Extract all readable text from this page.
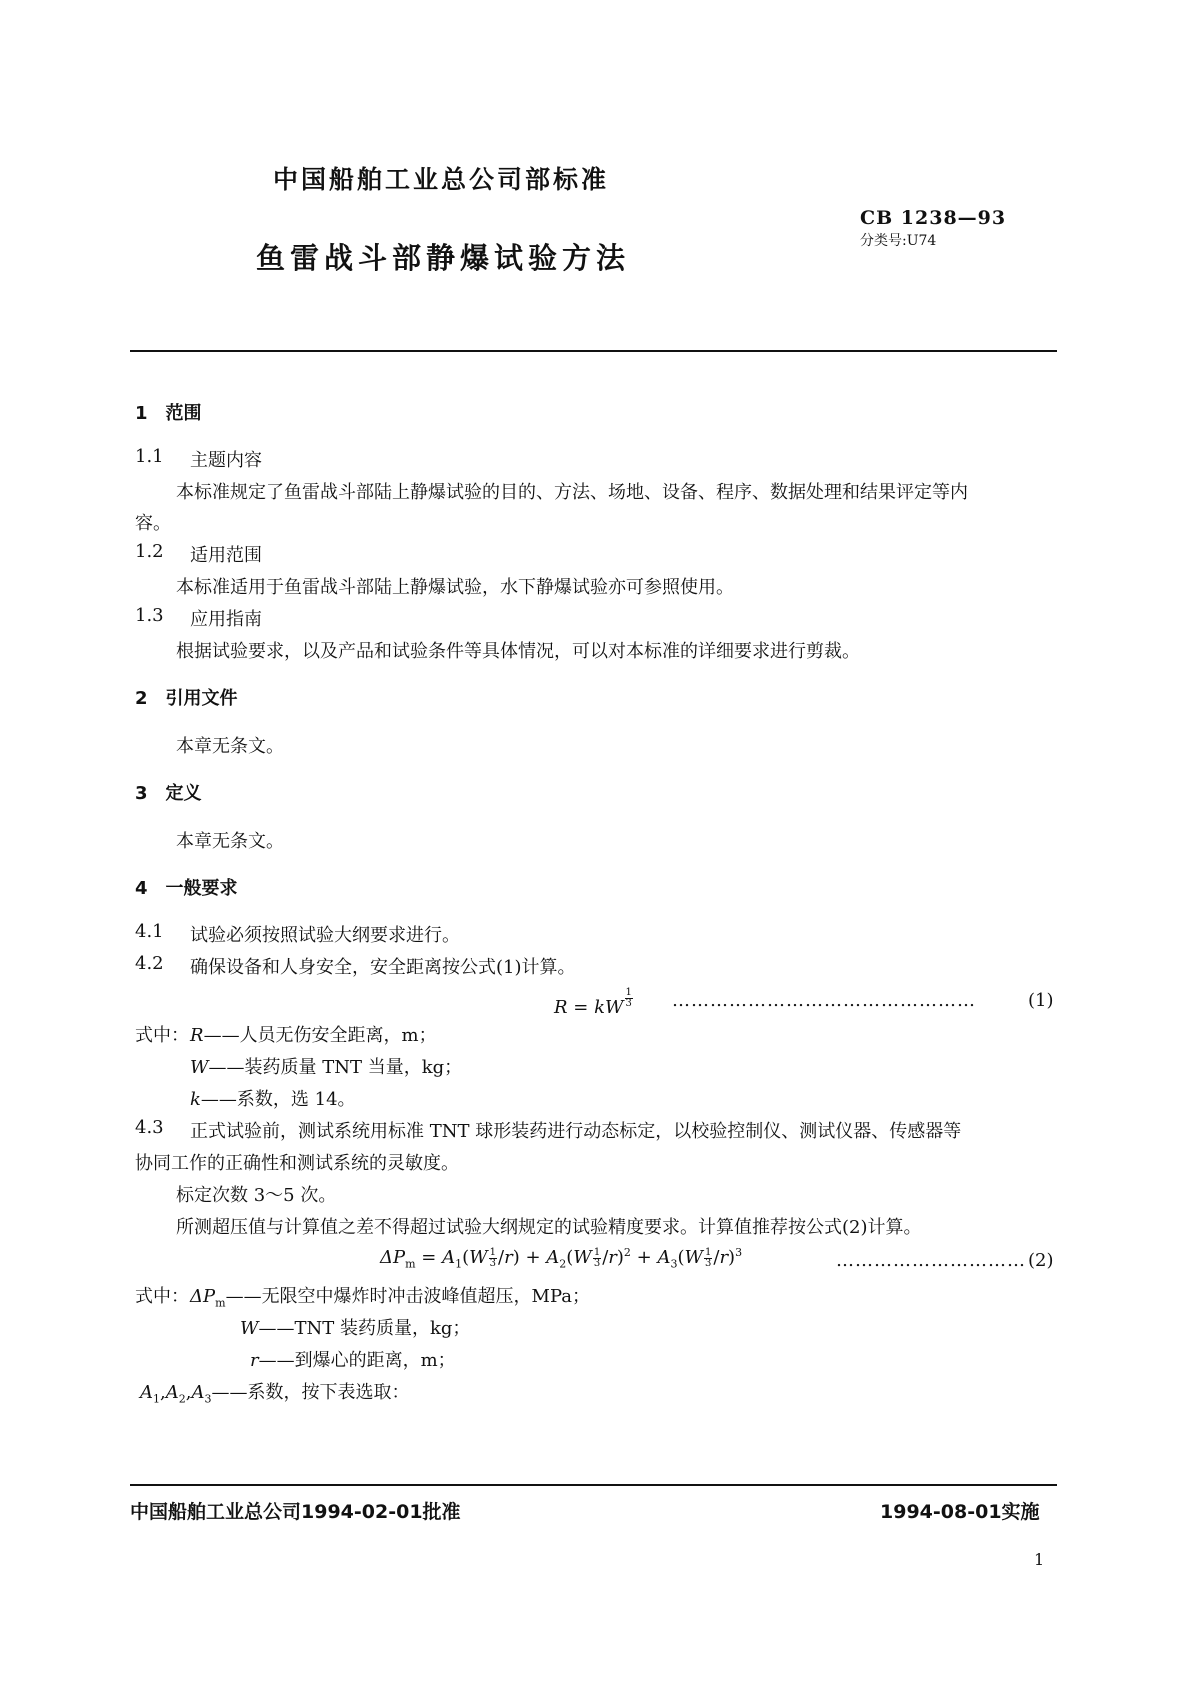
中国船舶工业总公司部标准
鱼雷战斗部静爆试验方法
CB 1238—93
分类号:U74
1　范围
1.1 主题内容
本标准规定了鱼雷战斗部陆上静爆试验的目的、方法、场地、设备、程序、数据处理和结果评定等内
容。
1.2 适用范围
本标准适用于鱼雷战斗部陆上静爆试验，水下静爆试验亦可参照使用。
1.3 应用指南
根据试验要求，以及产品和试验条件等具体情况，可以对本标准的详细要求进行剪裁。
2　引用文件
本章无条文。
3　定义
本章无条文。
4　一般要求
4.1 试验必须按照试验大纲要求进行。
4.2 确保设备和人身安全，安全距离按公式(1)计算。
R = kW $\frac{1}{3}$ …………………………………………	(1)
式中： R——人员无伤安全距离，m；
W——装药质量 TNT 当量，kg；
k——系数，选 14。
4.3 正式试验前，测试系统用标准 TNT 球形装药进行动态标定，以校验控制仪、测试仪器、传感器等
协同工作的正确性和测试系统的灵敏度。
标定次数 3～5 次。
所测超压值与计算值之差不得超过试验大纲规定的试验精度要求。计算值推荐按公式(2)计算。
$\Delta P_m = A_1(W \frac{1}{3} /r) + A_2(W \frac{1}{3} /r)^2 + A_3(W \frac{1}{3} /r)^3$	………………………… (2)
式中： $\Delta P_m——$无限空中爆炸时冲击波峰值超压，MPa；
W——TNT 装药质量，kg；
r——到爆心的距离，m；
$A_1,A_2,A_3——$系数，按下表选取：
中国船舶工业总公司1994-02-01批准	1994-08-01实施
1
